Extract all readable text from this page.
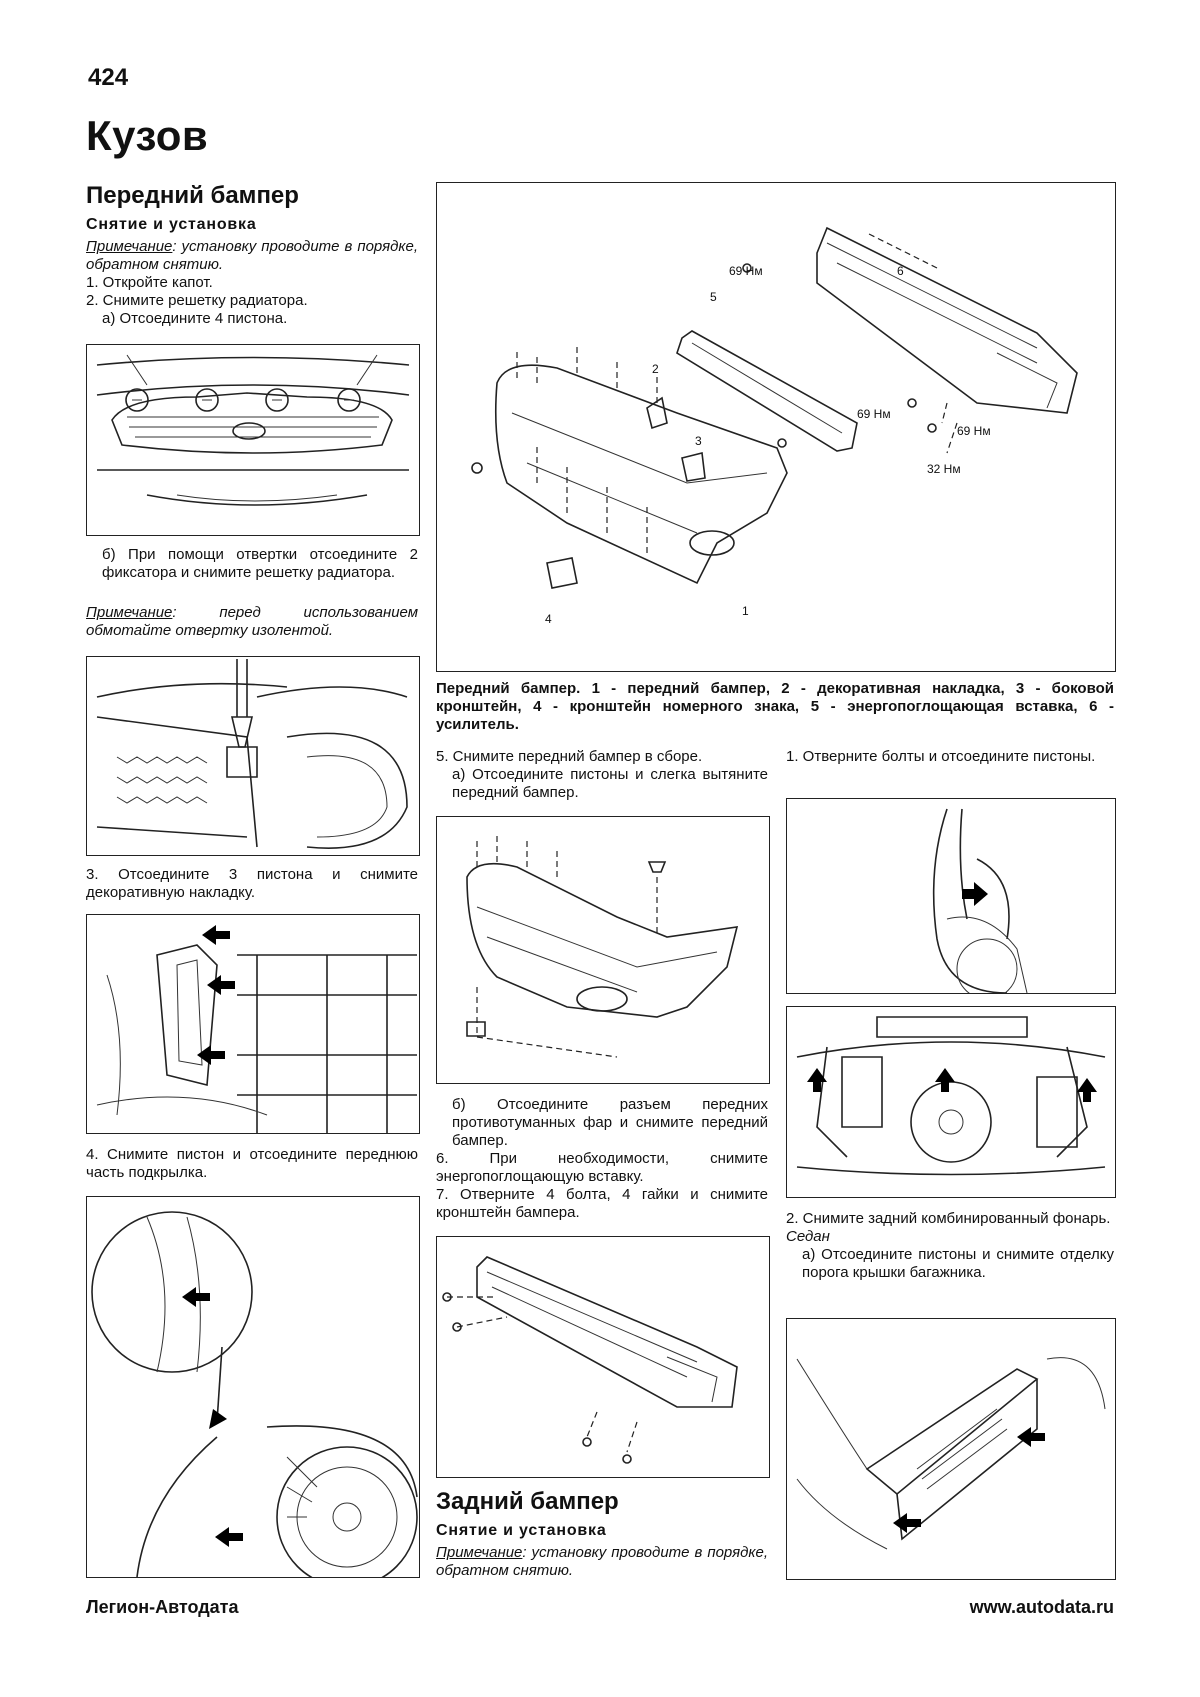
424
Кузов
Передний бампер
Снятие и установка
Примечание: установку проводите в порядке, обратном снятию.
1. Откройте капот.
2. Снимите решетку радиатора.
а) Отсоедините 4 пистона.
б) При помощи отвертки отсоедините 2 фиксатора и снимите решетку радиатора.
Примечание: перед использованием обмотайте отвертку изолентой.
3. Отсоедините 3 пистона и снимите декоративную накладку.
4. Снимите пистон и отсоедините переднюю часть подкрылка.
5
6
2
3
4
1
69 Нм
69 Нм
69 Нм
32 Нм
Передний бампер. 1 - передний бампер, 2 - декоративная накладка, 3 - боковой кронштейн, 4 - кронштейн номерного знака, 5 - энергопоглощающая вставка, 6 - усилитель.
5. Снимите передний бампер в сборе.
а) Отсоедините пистоны и слегка вытяните передний бампер.
б) Отсоедините разъем передних противотуманных фар и снимите передний бампер.
6. При необходимости, снимите энергопоглощающую вставку.
7. Отверните 4 болта, 4 гайки и снимите кронштейн бампера.
Задний бампер
Снятие и установка
Примечание: установку проводите в порядке, обратном снятию.
1. Отверните болты и отсоедините пистоны.
2. Снимите задний комбинированный фонарь.
Седан
а) Отсоедините пистоны и снимите отделку порога крышки багажника.
Легион-Автодата	www.autodata.ru
